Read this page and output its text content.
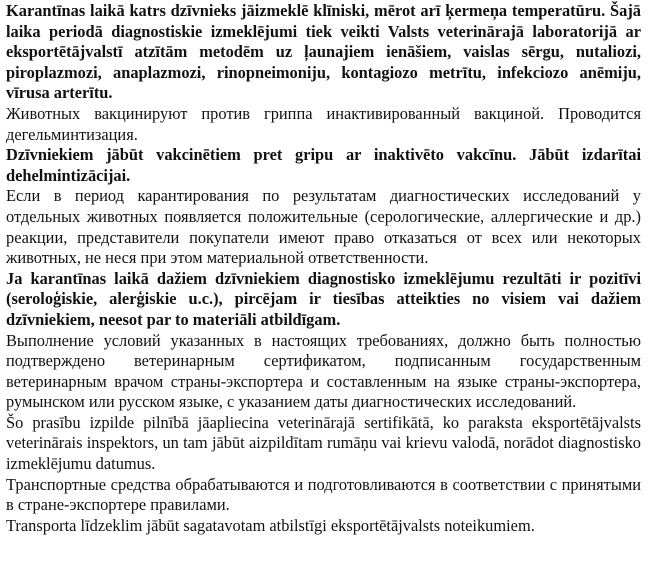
Karantīnas laikā katrs dzīvnieks jāizmeklē klīniski, mērot arī ķermeņa temperatūru. Šajā laika periodā diagnostiskie izmeklējumi tiek veikti Valsts veterinārajā laboratorijā ar eksportētājvalstī atzītām metodēm uz ļaunajiem ienāšiem, vaislas sērgu, nutaliozi, piroplazmozi, anaplazmozi, rinopneimoniju, kontagiozo metrītu, infekciozo anēmiju, vīrusa arterītu.

Животных вакцинируют против гриппа инактивированный вакциной. Проводится дегельминтизация.

Dzīvniekiem jābūt vakcinētiem pret gripu ar inaktivēto vakcīnu. Jābūt izdarītai dehelmintizācijai.

Если в период карантирования по результатам диагностических исследований у отдельных животных появляется положительные (серологические, аллергические и др.) реакции, представители покупатели имеют право отказаться от всех или некоторых животных, не неся при этом материальной ответственности.

Ja karantīnas laikā dažiem dzīvniekiem diagnostisko izmeklējumu rezultāti ir pozitīvi (seroloģiskie, alerģiskie u.c.), pircējam ir tiesības atteikties no visiem vai dažiem dzīvniekiem, neesot par to materiāli atbildīgam.

Выполнение условий указанных в настоящих требованиях, должно быть полностью подтверждено ветеринарным сертификатом, подписанным государственным ветеринарным врачом страны-экспортера и составленным на языке страны-экспортера, румынском или русском языке, с указанием даты диагностических исследований.

Šo prasību izpilde pilnībā jāapliecina veterinārajā sertifikātā, ko paraksta eksportētājvalsts veterinārais inspektors, un tam jābūt aizpildītam rumāņu vai krievu valodā, norādot diagnostisko izmeklējumu datumus.

Транспортные средства обрабатываются и подготовливаются в соответствии с принятыми в стране-экспортере правилами.

Transporta līdzeklim jābūt sagatavotam atbilstīgi eksportētājvalsts noteikumiem.
